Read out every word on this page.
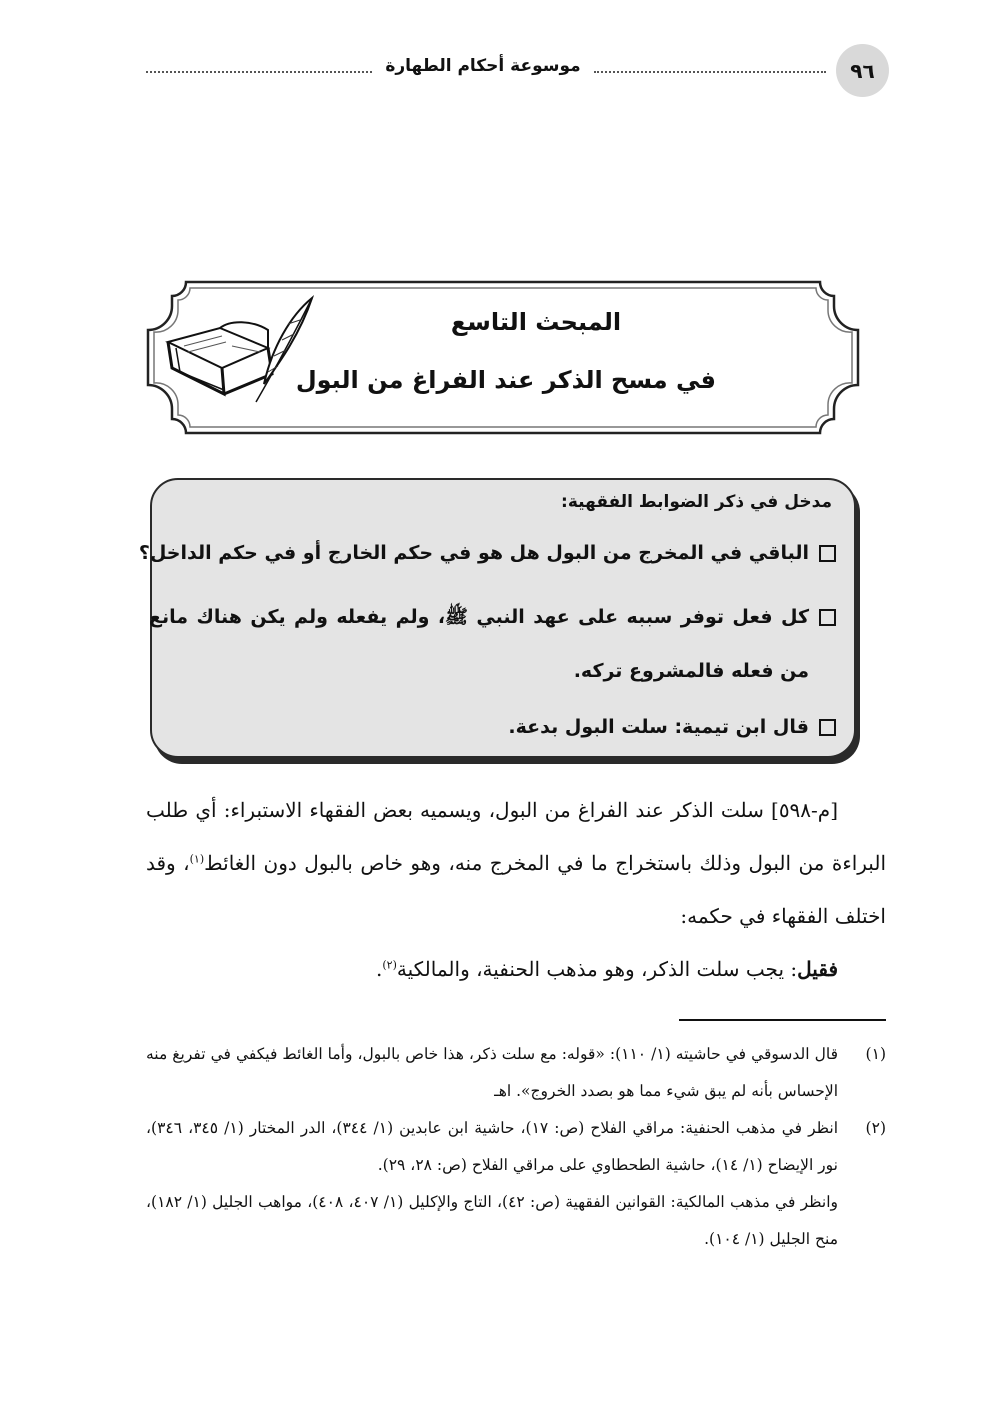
٩٦
موسوعة أحكام الطهارة
المبحث التاسع
في مسح الذكر عند الفراغ من البول
مدخل في ذكر الضوابط الفقهية:
الباقي في المخرج من البول هل هو في حكم الخارج أو في حكم الداخل؟
كل فعل توفر سببه على عهد النبي ﷺ، ولم يفعله ولم يكن هناك مانع من فعله فالمشروع تركه.
قال ابن تيمية: سلت البول بدعة.

[م-٥٩٨] سلت الذكر عند الفراغ من البول، ويسميه بعض الفقهاء الاستبراء: أي طلب البراءة من البول وذلك باستخراج ما في المخرج منه، وهو خاص بالبول دون الغائط$^{(١)}$، وقد اختلف الفقهاء في حكمه:

فقيل: يجب سلت الذكر، وهو مذهب الحنفية، والمالكية$^{(٢)}$.

(١)

قال الدسوقي في حاشيته (١/ ١١٠): «قوله: مع سلت ذكر، هذا خاص بالبول، وأما الغائط فيكفي في تفريغ منه الإحساس بأنه لم يبق شيء مما هو بصدد الخروج». اهـ

(٢)

انظر في مذهب الحنفية: مراقي الفلاح (ص: ١٧)، حاشية ابن عابدين (١/ ٣٤٤)، الدر المختار (١/ ٣٤٥، ٣٤٦)، نور الإيضاح (١/ ١٤)، حاشية الطحطاوي على مراقي الفلاح (ص: ٢٨، ٢٩).

وانظر في مذهب المالكية: القوانين الفقهية (ص: ٤٢)، التاج والإكليل (١/ ٤٠٧، ٤٠٨)، مواهب الجليل (١/ ١٨٢)، منح الجليل (١/ ١٠٤).
